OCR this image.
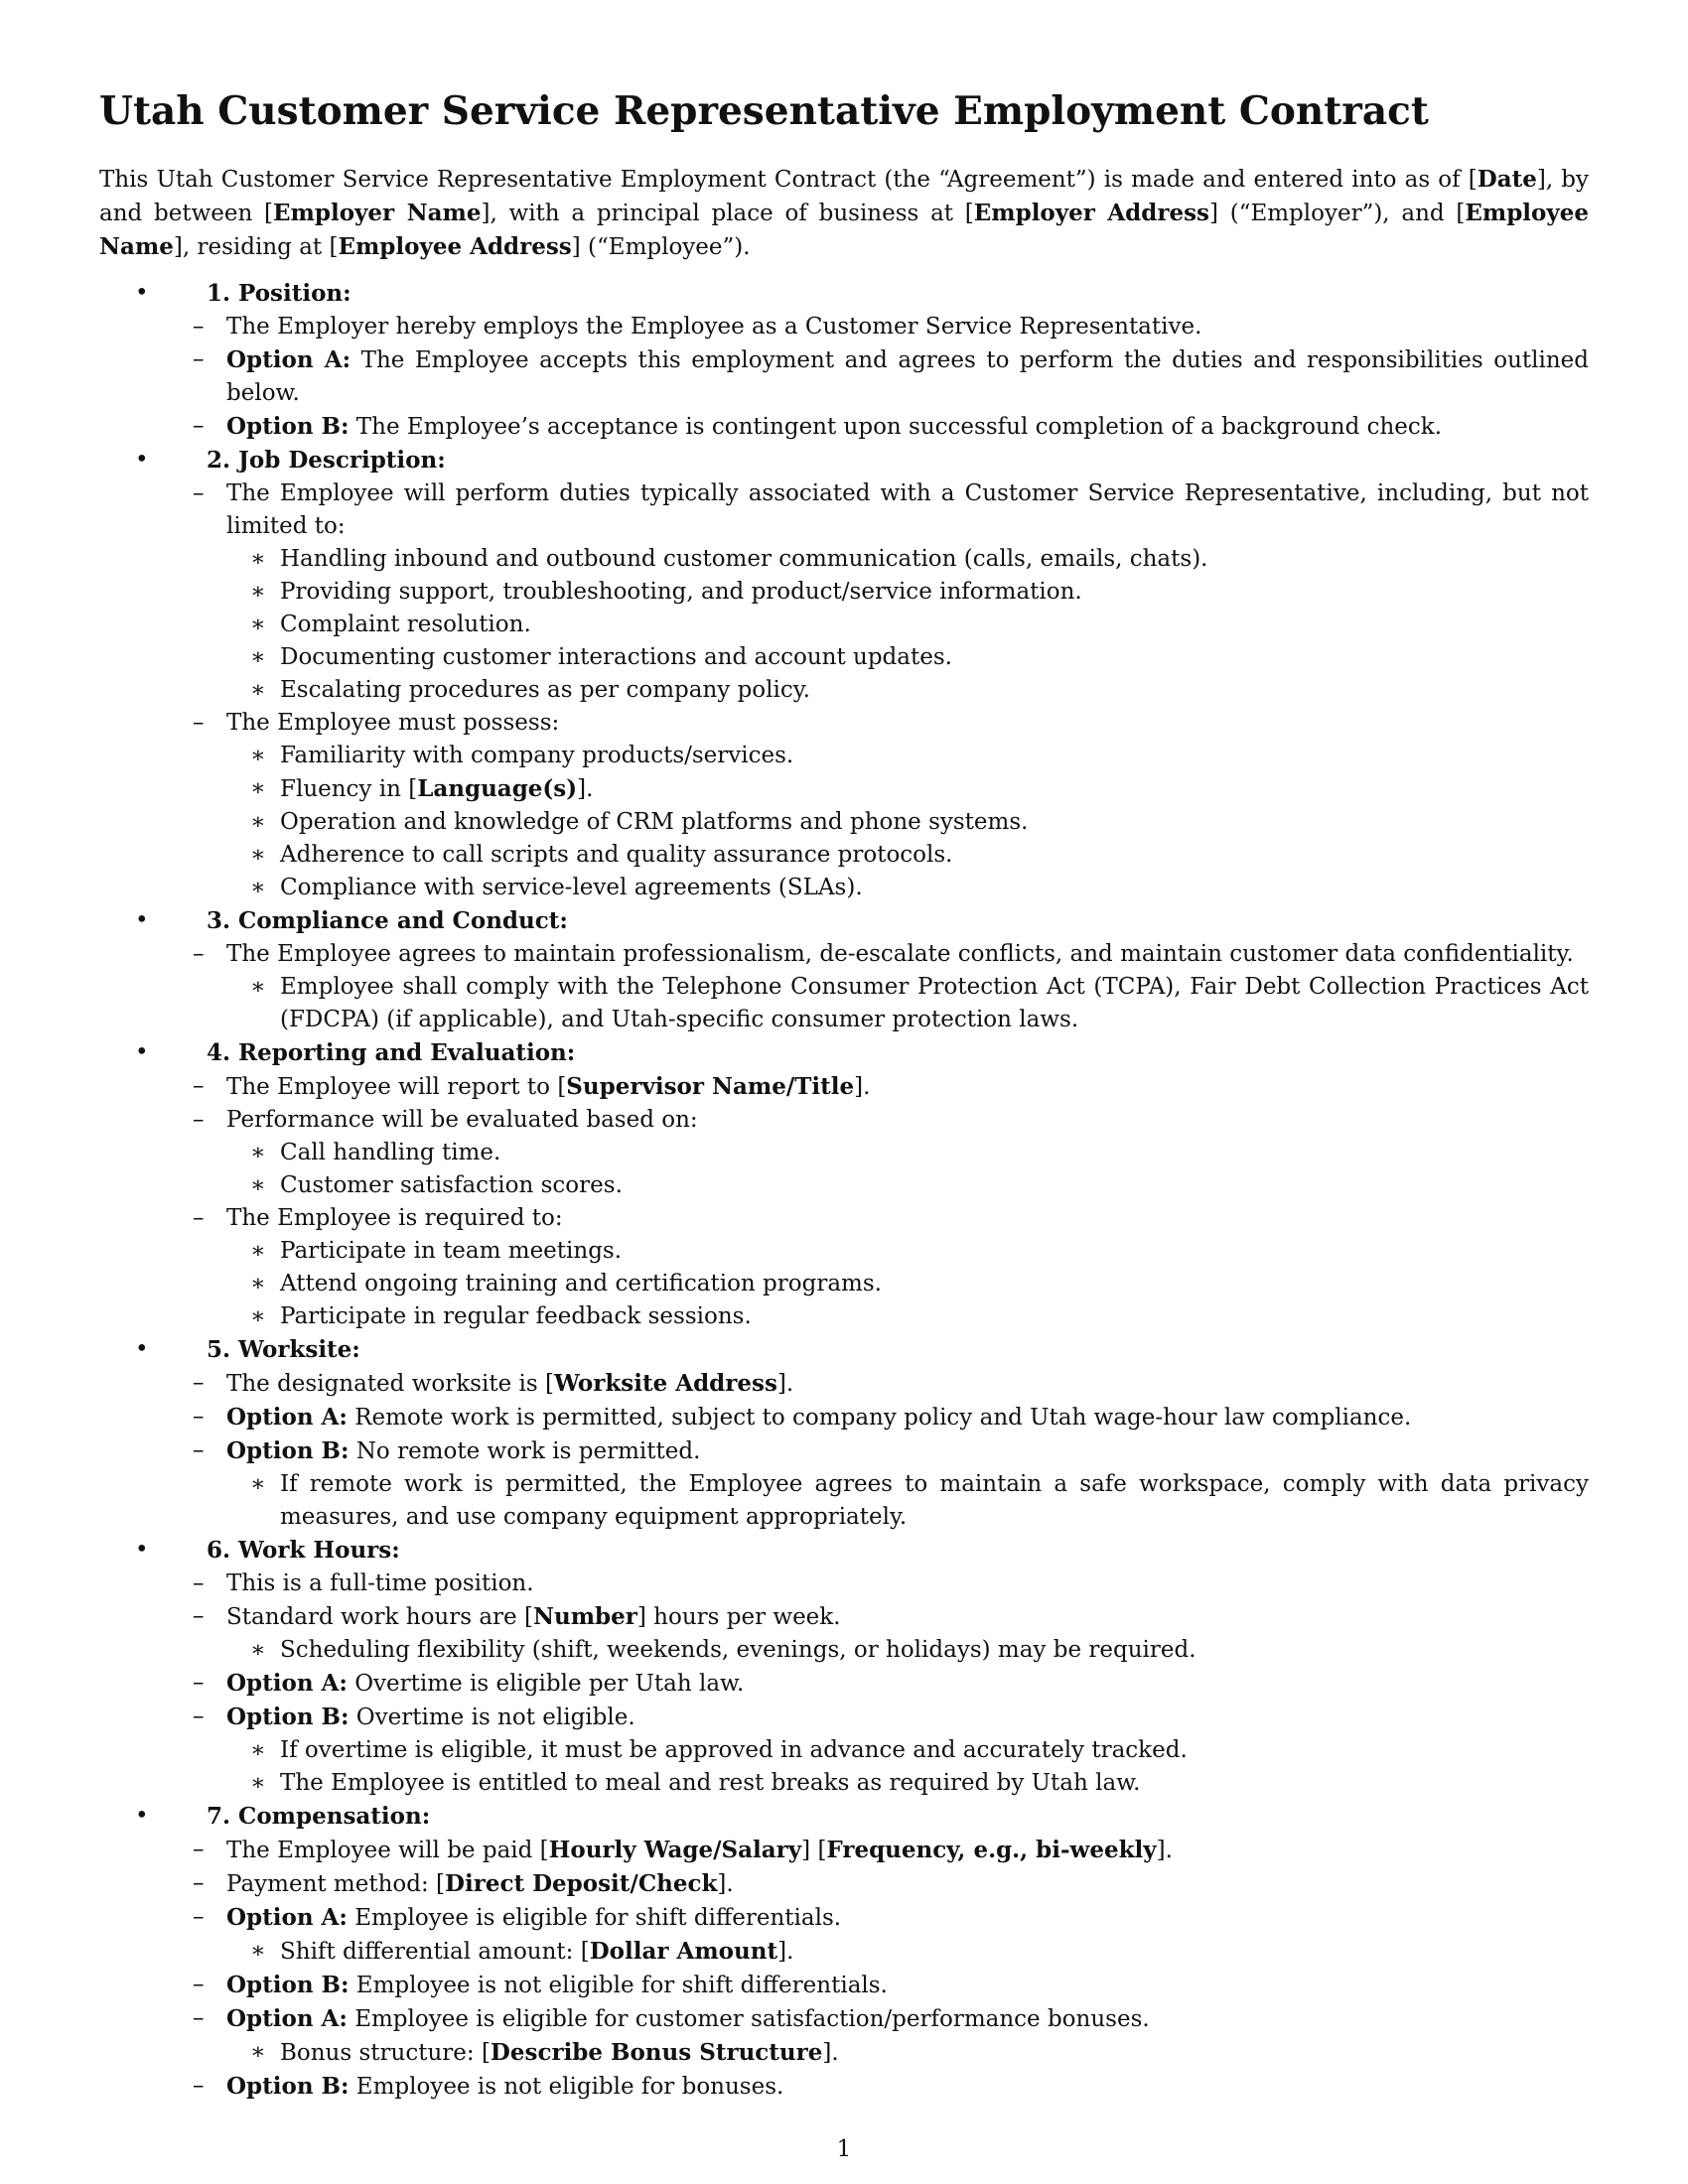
Utah Customer Service Representative Employment Contract

This Utah Customer Service Representative Employment Contract (the “Agreement”) is made and entered into as of [Date], by and between [Employer Name], with a principal place of business at [Employer Address] (“Employer”), and [Employee Name], residing at [Employee Address] (“Employee”).

•	1. Position:
– The Employer hereby employs the Employee as a Customer Service Representative.
– Option A: The Employee accepts this employment and agrees to perform the duties and responsibilities outlined below.
– Option B: The Employee’s acceptance is contingent upon successful completion of a background check.
•	2. Job Description:
– The Employee will perform duties typically associated with a Customer Service Representative, including, but not limited to:
∗ Handling inbound and outbound customer communication (calls, emails, chats).
∗ Providing support, troubleshooting, and product/service information.
∗ Complaint resolution.
∗ Documenting customer interactions and account updates.
∗ Escalating procedures as per company policy.
– The Employee must possess:
∗ Familiarity with company products/services.
∗ Fluency in [Language(s)].
∗ Operation and knowledge of CRM platforms and phone systems.
∗ Adherence to call scripts and quality assurance protocols.
∗ Compliance with service-level agreements (SLAs).
•	3. Compliance and Conduct:
– The Employee agrees to maintain professionalism, de-escalate conflicts, and maintain customer data confidentiality.
∗ Employee shall comply with the Telephone Consumer Protection Act (TCPA), Fair Debt Collection Practices Act (FDCPA) (if applicable), and Utah-specific consumer protection laws.
•	4. Reporting and Evaluation:
– The Employee will report to [Supervisor Name/Title].
– Performance will be evaluated based on:
∗ Call handling time.
∗ Customer satisfaction scores.
– The Employee is required to:
∗ Participate in team meetings.
∗ Attend ongoing training and certification programs.
∗ Participate in regular feedback sessions.
•	5. Worksite:
– The designated worksite is [Worksite Address].
– Option A: Remote work is permitted, subject to company policy and Utah wage-hour law compliance.
– Option B: No remote work is permitted.
∗ If remote work is permitted, the Employee agrees to maintain a safe workspace, comply with data privacy measures, and use company equipment appropriately.
•	6. Work Hours:
– This is a full-time position.
– Standard work hours are [Number] hours per week.
∗ Scheduling flexibility (shift, weekends, evenings, or holidays) may be required.
– Option A: Overtime is eligible per Utah law.
– Option B: Overtime is not eligible.
∗ If overtime is eligible, it must be approved in advance and accurately tracked.
∗ The Employee is entitled to meal and rest breaks as required by Utah law.
•	7. Compensation:
– The Employee will be paid [Hourly Wage/Salary] [Frequency, e.g., bi-weekly].
– Payment method: [Direct Deposit/Check].
– Option A: Employee is eligible for shift differentials.
∗ Shift differential amount: [Dollar Amount].
– Option B: Employee is not eligible for shift differentials.
– Option A: Employee is eligible for customer satisfaction/performance bonuses.
∗ Bonus structure: [Describe Bonus Structure].
– Option B: Employee is not eligible for bonuses.
1
